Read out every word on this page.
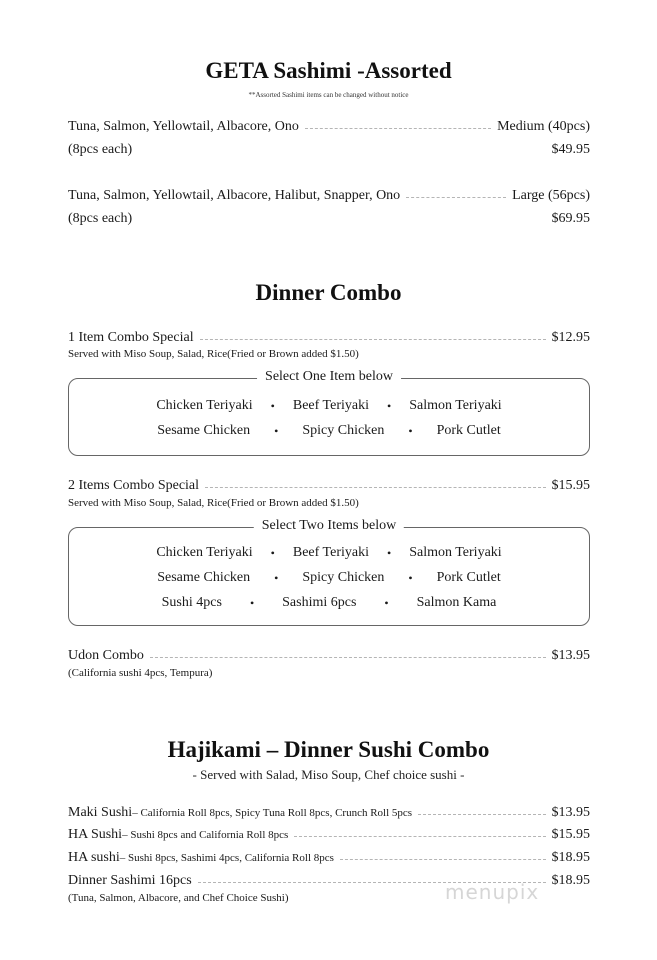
GETA Sashimi -Assorted
**Assorted Sashimi items can be changed without notice
Tuna, Salmon, Yellowtail, Albacore, Ono	Medium (40pcs)
(8pcs each)	$49.95
Tuna, Salmon, Yellowtail, Albacore, Halibut, Snapper, Ono	Large (56pcs)
(8pcs each)	$69.95
Dinner Combo
1 Item Combo Special	$12.95
Served with Miso Soup, Salad, Rice(Fried or Brown added $1.50)
Select One Item below
Chicken Teriyaki • Beef Teriyaki • Salmon Teriyaki
Sesame Chicken • Spicy Chicken • Pork Cutlet
2 Items Combo Special	$15.95
Served with Miso Soup, Salad, Rice(Fried or Brown added $1.50)
Select Two Items below
Chicken Teriyaki • Beef Teriyaki • Salmon Teriyaki
Sesame Chicken • Spicy Chicken • Pork Cutlet
Sushi 4pcs • Sashimi 6pcs • Salmon Kama
Udon Combo	$13.95
(California sushi 4pcs, Tempura)
Hajikami – Dinner Sushi Combo
- Served with Salad, Miso Soup, Chef choice sushi -
Maki Sushi – California Roll 8pcs, Spicy Tuna Roll 8pcs, Crunch Roll 5pcs	$13.95
HA Sushi – Sushi 8pcs and California Roll 8pcs	$15.95
HA sushi – Sushi 8pcs, Sashimi 4pcs, California Roll 8pcs	$18.95
Dinner Sashimi 16pcs	$18.95
(Tuna, Salmon, Albacore, and Chef Choice Sushi)	menupix
